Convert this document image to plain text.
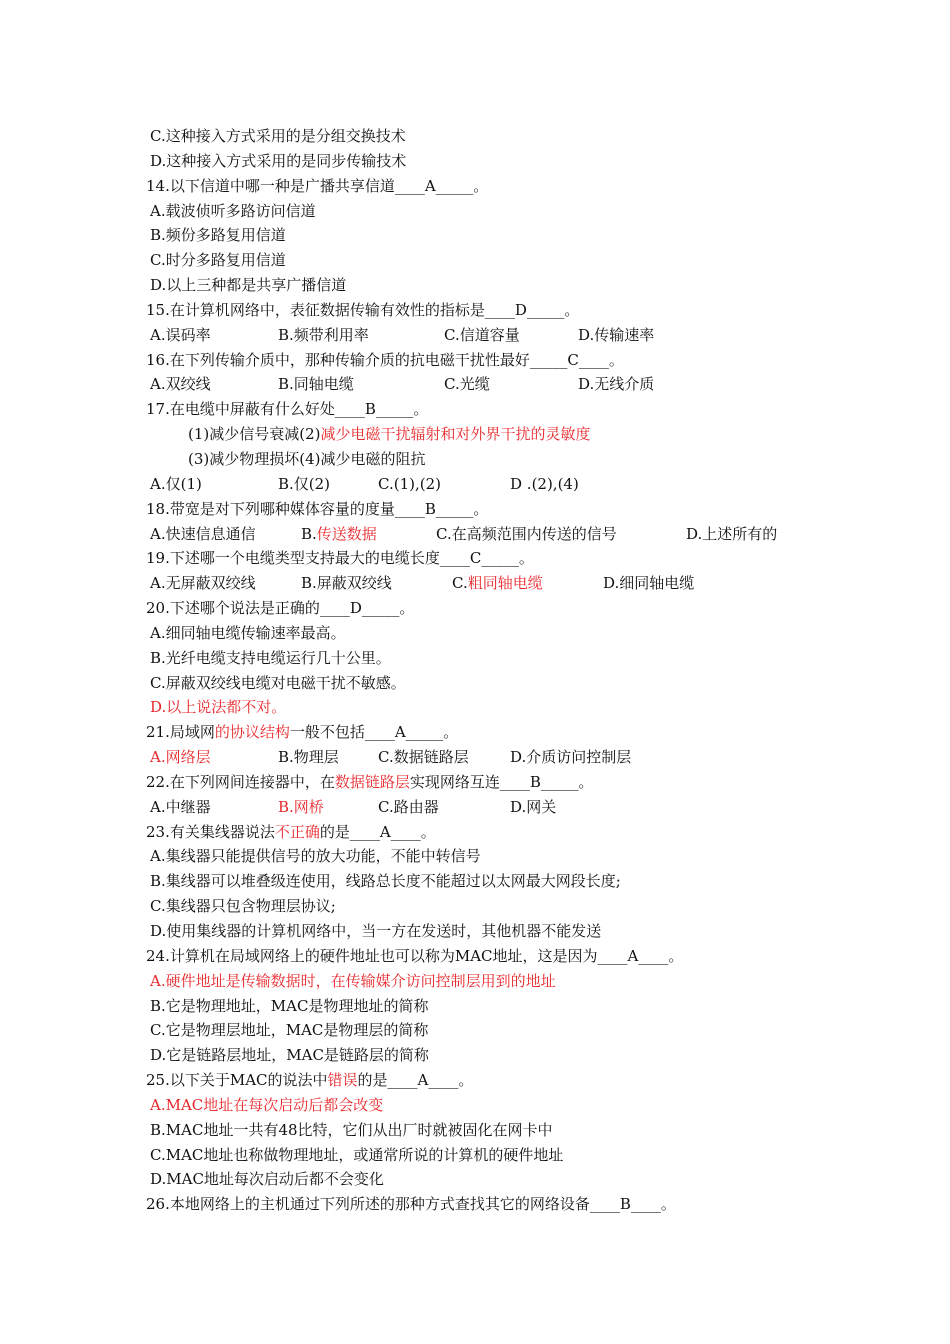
C.这种接入方式采用的是分组交换技术
D.这种接入方式采用的是同步传输技术
14.以下信道中哪一种是广播共享信道____A_____。
A.载波侦听多路访问信道
B.频份多路复用信道
C.时分多路复用信道
D.以上三种都是共享广播信道
15.在计算机网络中，表征数据传输有效性的指标是____D_____。
A.误码率	B.频带利用率	C.信道容量	D.传输速率
16.在下列传输介质中，那种传输介质的抗电磁干扰性最好_____C____。
A.双绞线	B.同轴电缆	C.光缆	D.无线介质
17.在电缆中屏蔽有什么好处____B_____。
(1)减少信号衰减(2)减少电磁干扰辐射和对外界干扰的灵敏度
(3)减少物理损坏(4)减少电磁的阻抗
A.仅(1)	B.仅(2)	C.(1),(2)	D .(2),(4)
18.带宽是对下列哪种媒体容量的度量____B_____。
A.快速信息通信	B.传送数据	C.在高频范围内传送的信号	D.上述所有的
19.下述哪一个电缆类型支持最大的电缆长度____C_____。
A.无屏蔽双绞线	B.屏蔽双绞线	C.粗同轴电缆	D.细同轴电缆
20.下述哪个说法是正确的____D_____。
A.细同轴电缆传输速率最高。
B.光纤电缆支持电缆运行几十公里。
C.屏蔽双绞线电缆对电磁干扰不敏感。
D.以上说法都不对。
21.局域网的协议结构一般不包括____A_____。
A.网络层	B.物理层	C.数据链路层	D.介质访问控制层
22.在下列网间连接器中，在数据链路层实现网络互连____B_____。
A.中继器	B.网桥	C.路由器	D.网关
23.有关集线器说法不正确的是____A____。
A.集线器只能提供信号的放大功能，不能中转信号
B.集线器可以堆叠级连使用，线路总长度不能超过以太网最大网段长度;
C.集线器只包含物理层协议;
D.使用集线器的计算机网络中，当一方在发送时，其他机器不能发送
24.计算机在局域网络上的硬件地址也可以称为MAC地址，这是因为____A____。
A.硬件地址是传输数据时，在传输媒介访问控制层用到的地址
B.它是物理地址，MAC是物理地址的简称
C.它是物理层地址，MAC是物理层的简称
D.它是链路层地址，MAC是链路层的简称
25.以下关于MAC的说法中错误的是____A____。
A.MAC地址在每次启动后都会改变
B.MAC地址一共有48比特，它们从出厂时就被固化在网卡中
C.MAC地址也称做物理地址，或通常所说的计算机的硬件地址
D.MAC地址每次启动后都不会变化
26.本地网络上的主机通过下列所述的那种方式查找其它的网络设备____B____。
